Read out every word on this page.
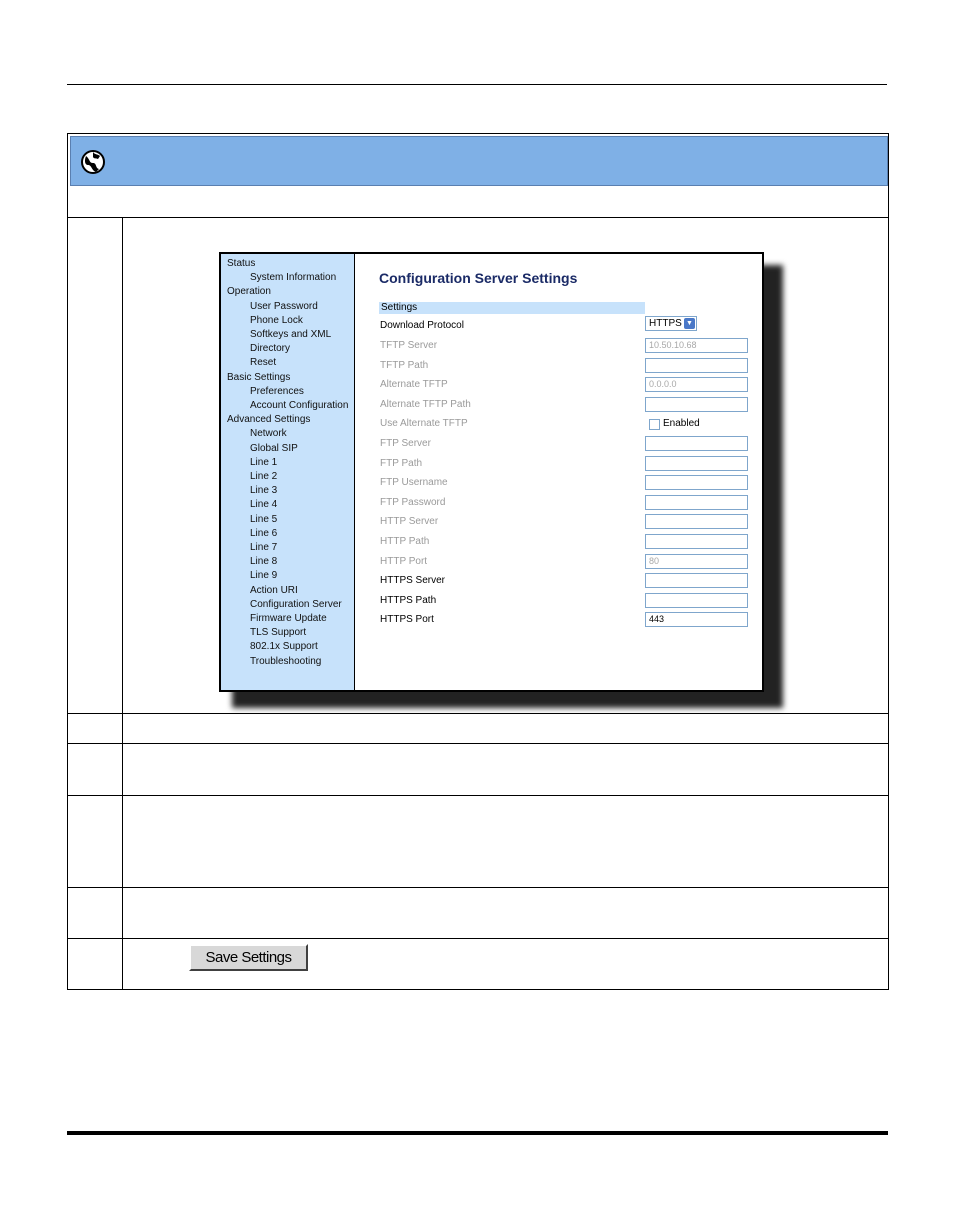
Status
System Information
Operation
User Password
Phone Lock
Softkeys and XML
Directory
Reset
Basic Settings
Preferences
Account Configuration
Advanced Settings
Network
Global SIP
Line 1
Line 2
Line 3
Line 4
Line 5
Line 6
Line 7
Line 8
Line 9
Action URI
Configuration Server
Firmware Update
TLS Support
802.1x Support
Troubleshooting
Configuration Server Settings
Settings
Download Protocol	HTTPS ▼
TFTP Server	10.50.10.68
TFTP Path
Alternate TFTP	0.0.0.0
Alternate TFTP Path
Use Alternate TFTP	Enabled
FTP Server
FTP Path
FTP Username
FTP Password
HTTP Server
HTTP Path
HTTP Port	80
HTTPS Server
HTTPS Path
HTTPS Port	443
Save Settings
